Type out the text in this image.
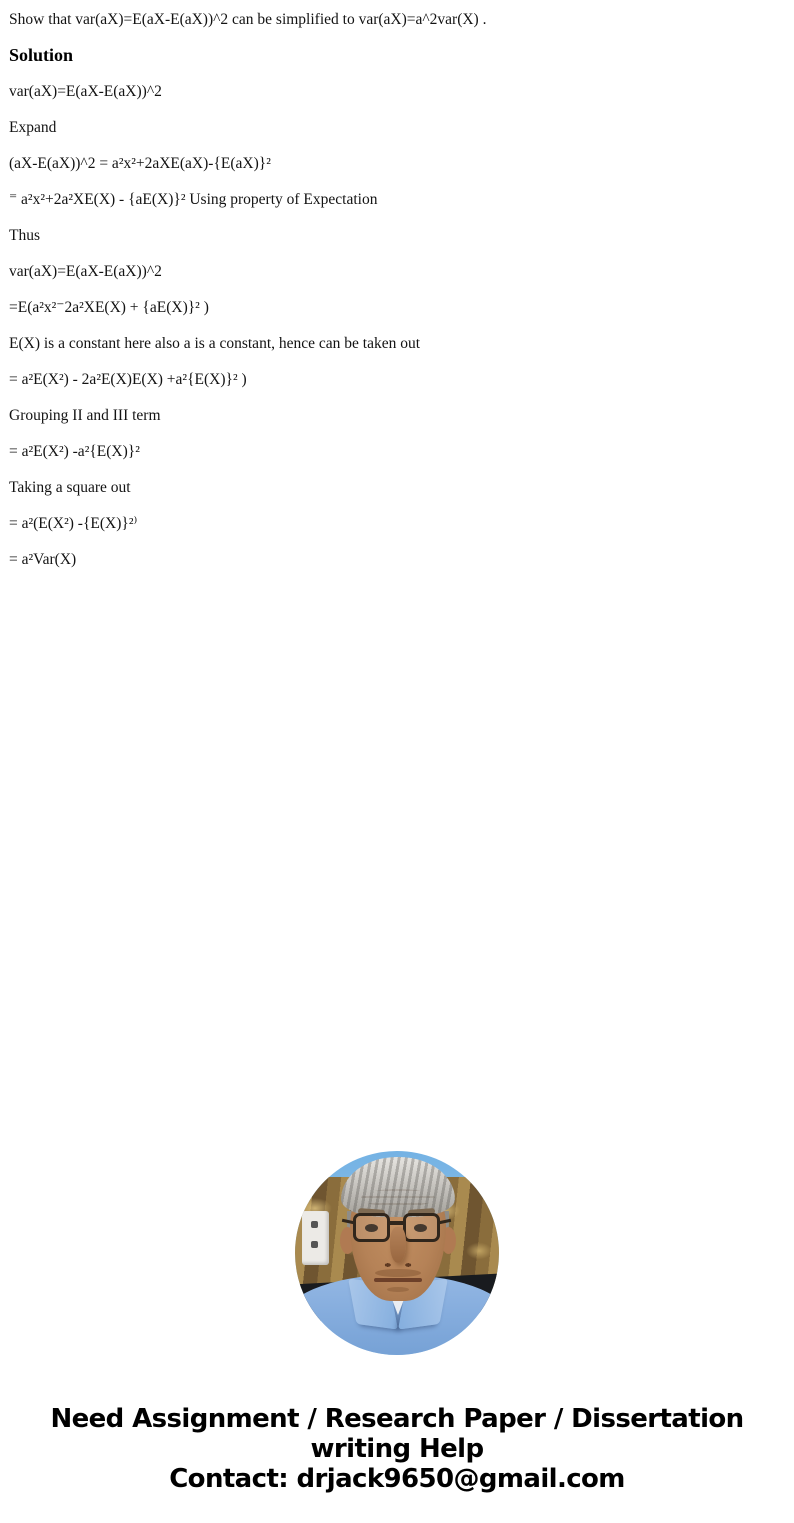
Show that var(aX)=E(aX-E(aX))^2 can be simplified to var(aX)=a^2var(X) .

Solution

var(aX)=E(aX-E(aX))^2

Expand

(aX-E(aX))^2 = a²x²+2aXE(aX)-{E(aX)}²

⁼ a²x²+2a²XE(X) - {aE(X)}² Using property of Expectation

Thus

var(aX)=E(aX-E(aX))^2

=E(a²x²⁻2a²XE(X) + {aE(X)}² )

E(X) is a constant here also a is a constant, hence can be taken out

= a²E(X²) - 2a²E(X)E(X) +a²{E(X)}² )

Grouping II and III term

= a²E(X²) -a²{E(X)}²

Taking a square out

= a²(E(X²) -{E(X)}²⁾

= a²Var(X)

Need Assignment / Research Paper / Dissertation
writing Help
Contact: drjack9650@gmail.com
